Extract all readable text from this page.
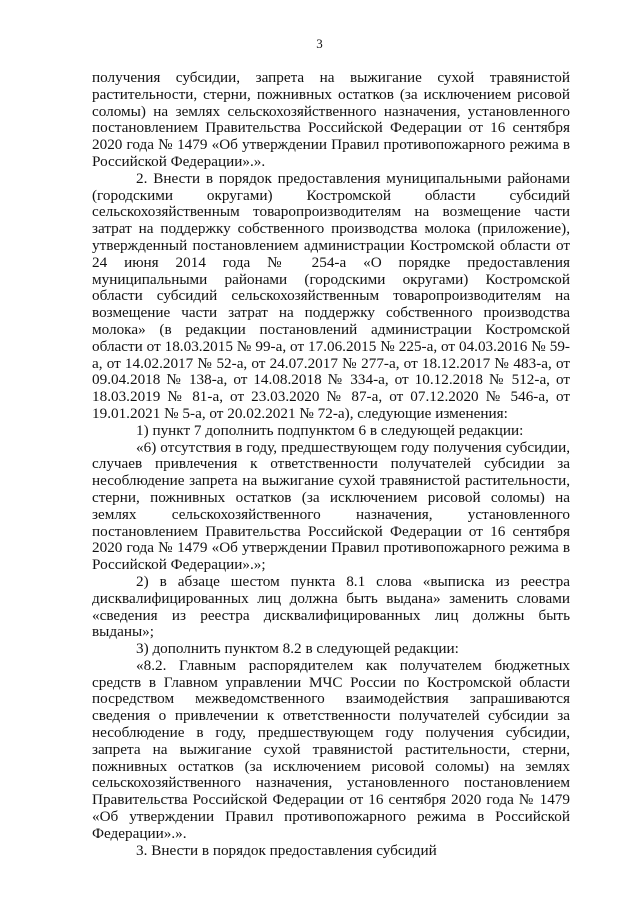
3

получения субсидии, запрета на выжигание сухой травянистой растительности, стерни, пожнивных остатков (за исключением рисовой соломы) на землях сельскохозяйственного назначения, установленного постановлением Правительства Российской Федерации от 16 сентября 2020 года № 1479 «Об утверждении Правил противопожарного режима в Российской Федерации».».

2. Внести в порядок предоставления муниципальными районами (городскими округами) Костромской области субсидий сельскохозяйственным товаропроизводителям на возмещение части затрат на поддержку собственного производства молока (приложение), утвержденный постановлением администрации Костромской области от 24 июня 2014 года № 254-а «О порядке предоставления муниципальными районами (городскими округами) Костромской области субсидий сельскохозяйственным товаропроизводителям на возмещение части затрат на поддержку собственного производства молока» (в редакции постановлений администрации Костромской области от 18.03.2015 № 99-а, от 17.06.2015 № 225-а, от 04.03.2016 № 59-а, от 14.02.2017 № 52-а, от 24.07.2017 № 277-а, от 18.12.2017 № 483-а, от 09.04.2018 № 138-а, от 14.08.2018 № 334-а, от 10.12.2018 № 512-а, от 18.03.2019 № 81-а, от 23.03.2020 № 87-а, от 07.12.2020 № 546-а, от 19.01.2021 № 5-а, от 20.02.2021 № 72-а), следующие изменения:

1) пункт 7 дополнить подпунктом 6 в следующей редакции:

«6) отсутствия в году, предшествующем году получения субсидии, случаев привлечения к ответственности получателей субсидии за несоблюдение запрета на выжигание сухой травянистой растительности, стерни, пожнивных остатков (за исключением рисовой соломы) на землях сельскохозяйственного назначения, установленного постановлением Правительства Российской Федерации от 16 сентября 2020 года № 1479 «Об утверждении Правил противопожарного режима в Российской Федерации».»;

2) в абзаце шестом пункта 8.1 слова «выписка из реестра дисквалифицированных лиц должна быть выдана» заменить словами «сведения из реестра дисквалифицированных лиц должны быть выданы»;

3) дополнить пунктом 8.2 в следующей редакции:

«8.2. Главным распорядителем как получателем бюджетных средств в Главном управлении МЧС России по Костромской области посредством межведомственного взаимодействия запрашиваются сведения о привлечении к ответственности получателей субсидии за несоблюдение в году, предшествующем году получения субсидии, запрета на выжигание сухой травянистой растительности, стерни, пожнивных остатков (за исключением рисовой соломы) на землях сельскохозяйственного назначения, установленного постановлением Правительства Российской Федерации от 16 сентября 2020 года № 1479 «Об утверждении Правил противопожарного режима в Российской Федерации».».

3. Внести в порядок предоставления субсидий
